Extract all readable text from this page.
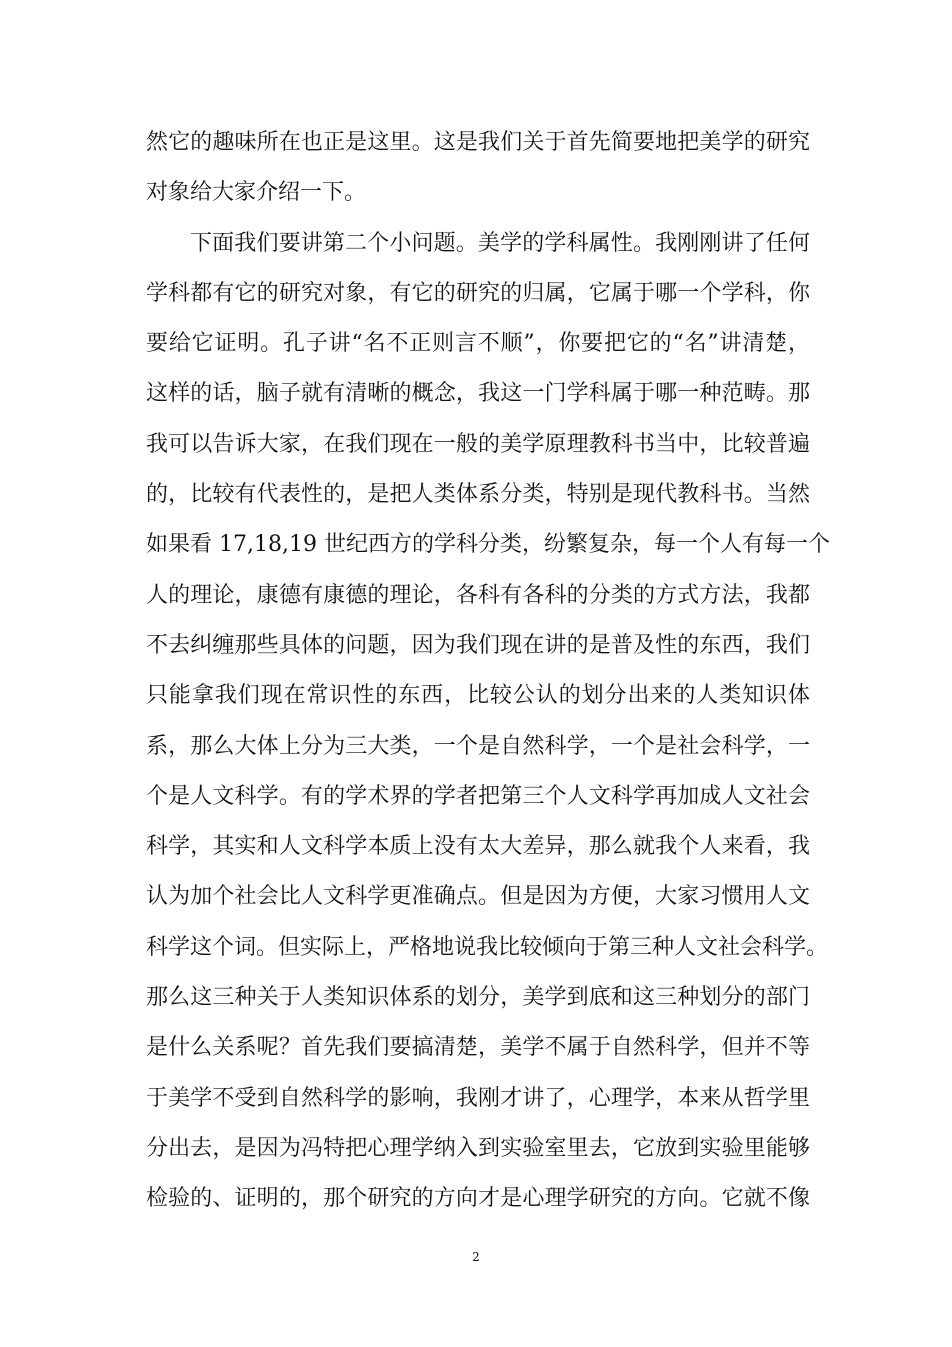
然它的趣味所在也正是这里。这是我们关于首先简要地把美学的研究
对象给大家介绍一下。
下面我们要讲第二个小问题。美学的学科属性。我刚刚讲了任何
学科都有它的研究对象，有它的研究的归属，它属于哪一个学科，你
要给它证明。孔子讲“名不正则言不顺”，你要把它的“名”讲清楚，
这样的话，脑子就有清晰的概念，我这一门学科属于哪一种范畴。那
我可以告诉大家，在我们现在一般的美学原理教科书当中，比较普遍
的，比较有代表性的，是把人类体系分类，特别是现代教科书。当然
如果看 17,18,19 世纪西方的学科分类，纷繁复杂，每一个人有每一个
人的理论，康德有康德的理论，各科有各科的分类的方式方法，我都
不去纠缠那些具体的问题，因为我们现在讲的是普及性的东西，我们
只能拿我们现在常识性的东西，比较公认的划分出来的人类知识体
系，那么大体上分为三大类，一个是自然科学，一个是社会科学，一
个是人文科学。有的学术界的学者把第三个人文科学再加成人文社会
科学，其实和人文科学本质上没有太大差异，那么就我个人来看，我
认为加个社会比人文科学更准确点。但是因为方便，大家习惯用人文
科学这个词。但实际上，严格地说我比较倾向于第三种人文社会科学。
那么这三种关于人类知识体系的划分，美学到底和这三种划分的部门
是什么关系呢？首先我们要搞清楚，美学不属于自然科学，但并不等
于美学不受到自然科学的影响，我刚才讲了，心理学，本来从哲学里
分出去，是因为冯特把心理学纳入到实验室里去，它放到实验里能够
检验的、证明的，那个研究的方向才是心理学研究的方向。它就不像
2
